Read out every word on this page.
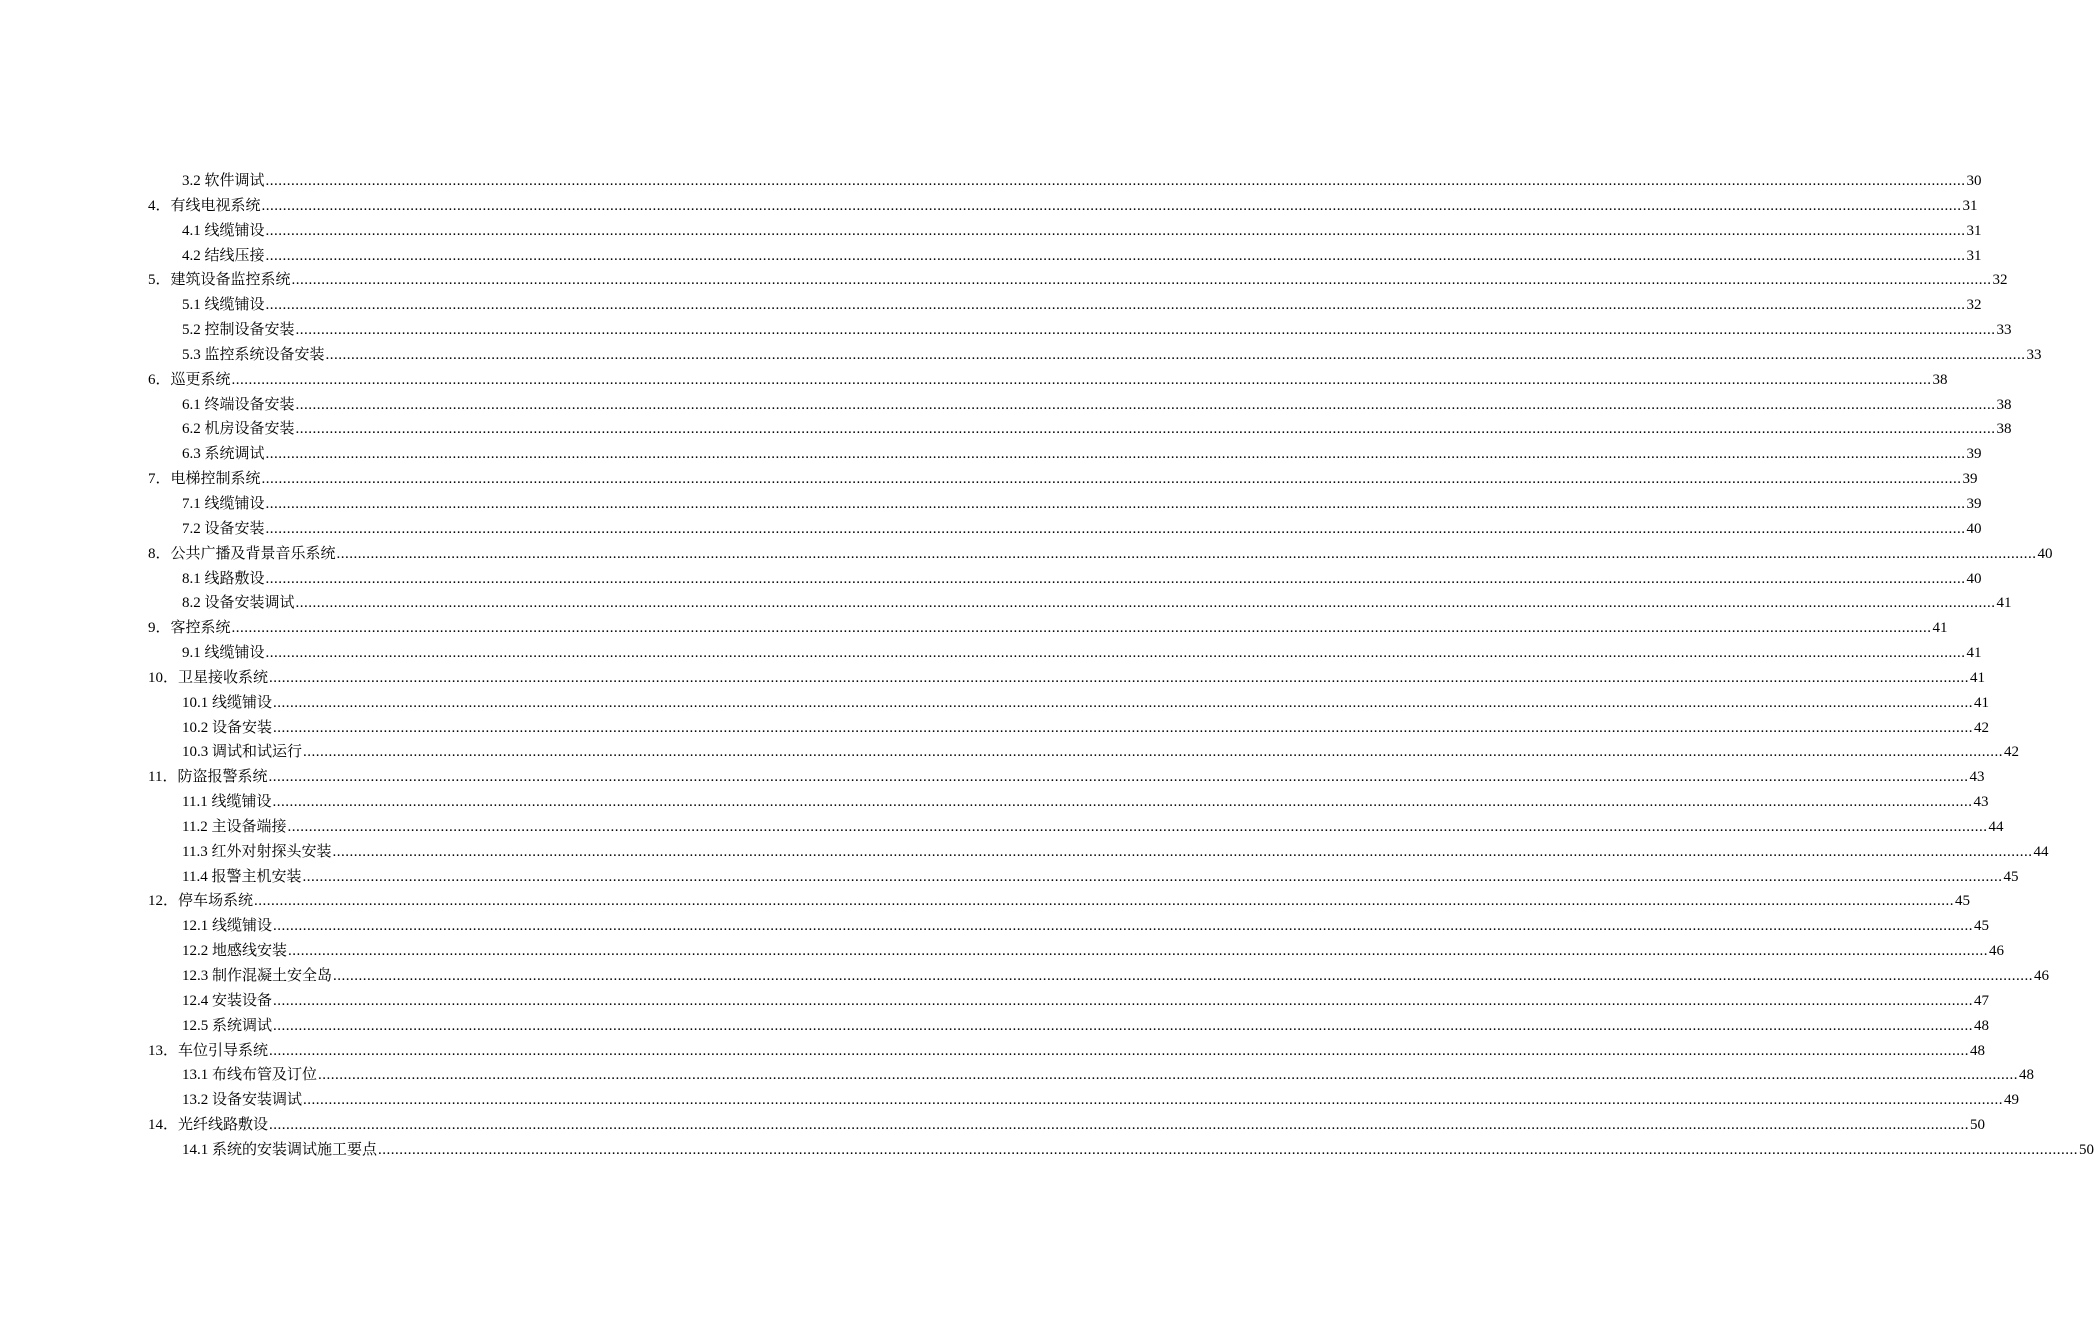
3.2 软件调试 ................................................................................................................................................................................................................................................................................................................................................................................................................ 30
4．有线电视系统 ................................................................................................................................................................................................................................................................................................................................................................................................................ 31
4.1 线缆铺设 ................................................................................................................................................................................................................................................................................................................................................................................................................ 31
4.2 结线压接 ................................................................................................................................................................................................................................................................................................................................................................................................................ 31
5．建筑设备监控系统 ................................................................................................................................................................................................................................................................................................................................................................................................................ 32
5.1 线缆铺设 ................................................................................................................................................................................................................................................................................................................................................................................................................ 32
5.2 控制设备安装 ................................................................................................................................................................................................................................................................................................................................................................................................................ 33
5.3 监控系统设备安装 ................................................................................................................................................................................................................................................................................................................................................................................................................ 33
6．巡更系统 ................................................................................................................................................................................................................................................................................................................................................................................................................ 38
6.1 终端设备安装 ................................................................................................................................................................................................................................................................................................................................................................................................................ 38
6.2 机房设备安装 ................................................................................................................................................................................................................................................................................................................................................................................................................ 38
6.3 系统调试 ................................................................................................................................................................................................................................................................................................................................................................................................................ 39
7．电梯控制系统 ................................................................................................................................................................................................................................................................................................................................................................................................................ 39
7.1 线缆铺设 ................................................................................................................................................................................................................................................................................................................................................................................................................ 39
7.2 设备安装 ................................................................................................................................................................................................................................................................................................................................................................................................................ 40
8．公共广播及背景音乐系统 ................................................................................................................................................................................................................................................................................................................................................................................................................ 40
8.1 线路敷设 ................................................................................................................................................................................................................................................................................................................................................................................................................ 40
8.2 设备安装调试 ................................................................................................................................................................................................................................................................................................................................................................................................................ 41
9．客控系统 ................................................................................................................................................................................................................................................................................................................................................................................................................ 41
9.1 线缆铺设 ................................................................................................................................................................................................................................................................................................................................................................................................................ 41
10．卫星接收系统 ................................................................................................................................................................................................................................................................................................................................................................................................................ 41
10.1 线缆铺设 ................................................................................................................................................................................................................................................................................................................................................................................................................ 41
10.2 设备安装 ................................................................................................................................................................................................................................................................................................................................................................................................................ 42
10.3 调试和试运行 ................................................................................................................................................................................................................................................................................................................................................................................................................ 42
11．防盗报警系统 ................................................................................................................................................................................................................................................................................................................................................................................................................ 43
11.1 线缆铺设 ................................................................................................................................................................................................................................................................................................................................................................................................................ 43
11.2 主设备端接 ................................................................................................................................................................................................................................................................................................................................................................................................................ 44
11.3 红外对射探头安装 ................................................................................................................................................................................................................................................................................................................................................................................................................ 44
11.4 报警主机安装 ................................................................................................................................................................................................................................................................................................................................................................................................................ 45
12．停车场系统 ................................................................................................................................................................................................................................................................................................................................................................................................................ 45
12.1 线缆铺设 ................................................................................................................................................................................................................................................................................................................................................................................................................ 45
12.2 地感线安装 ................................................................................................................................................................................................................................................................................................................................................................................................................ 46
12.3 制作混凝土安全岛 ................................................................................................................................................................................................................................................................................................................................................................................................................ 46
12.4 安装设备 ................................................................................................................................................................................................................................................................................................................................................................................................................ 47
12.5 系统调试 ................................................................................................................................................................................................................................................................................................................................................................................................................ 48
13．车位引导系统 ................................................................................................................................................................................................................................................................................................................................................................................................................ 48
13.1 布线布管及订位 ................................................................................................................................................................................................................................................................................................................................................................................................................ 48
13.2 设备安装调试 ................................................................................................................................................................................................................................................................................................................................................................................................................ 49
14．光纤线路敷设 ................................................................................................................................................................................................................................................................................................................................................................................................................ 50
14.1 系统的安装调试施工要点 ................................................................................................................................................................................................................................................................................................................................................................................................................ 50
